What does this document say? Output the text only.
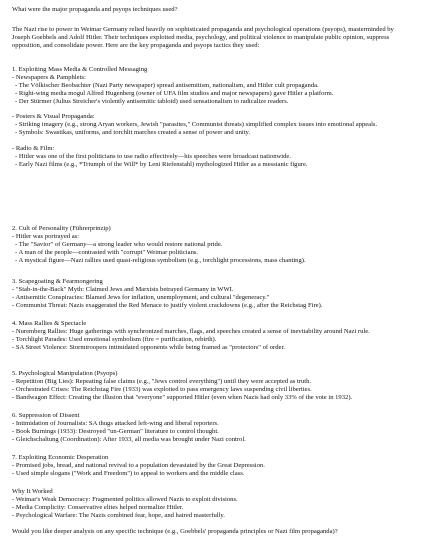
What were the major propaganda and psyops techniques used?

The Nazi rise to power in Weimar Germany relied heavily on sophisticated propaganda and psychological operations (psyops), masterminded by Joseph Goebbels and Adolf Hitler. Their techniques exploited media, psychology, and political violence to manipulate public opinion, suppress opposition, and consolidate power. Here are the key propaganda and psyops tactics they used:

1. Exploiting Mass Media & Controlled Messaging
- Newspapers & Pamphlets:
- The Völkischer Beobachter (Nazi Party newspaper) spread antisemitism, nationalism, and Hitler cult propaganda.
- Right-wing media mogul Alfred Hugenberg (owner of UFA film studios and major newspapers) gave Hitler a platform.
- Der Stürmer (Julius Streicher's violently antisemitic tabloid) used sensationalism to radicalize readers.

- Posters & Visual Propaganda:
- Striking imagery (e.g., strong Aryan workers, Jewish "parasites," Communist threats) simplified complex issues into emotional appeals.
- Symbols: Swastikas, uniforms, and torchlit marches created a sense of power and unity.

- Radio & Film:
- Hitler was one of the first politicians to use radio effectively—his speeches were broadcast nationwide.
- Early Nazi films (e.g., *Triumph of the Will* by Leni Riefenstahl) mythologized Hitler as a messianic figure.
2. Cult of Personality (Führerprinzip)
- Hitler was portrayed as:
- The "Savior" of Germany—a strong leader who would restore national pride.
- A man of the people—contrasted with "corrupt" Weimar politicians.
- A mystical figure—Nazi rallies used quasi-religious symbolism (e.g., torchlight processions, mass chanting).
3. Scapegoating & Fearmongering
- "Stab-in-the-Back" Myth: Claimed Jews and Marxists betrayed Germany in WWI.
- Antisemitic Conspiracies: Blamed Jews for inflation, unemployment, and cultural "degeneracy."
- Communist Threat: Nazis exaggerated the Red Menace to justify violent crackdowns (e.g., after the Reichstag Fire).
4. Mass Rallies & Spectacle
- Nuremberg Rallies: Huge gatherings with synchronized marches, flags, and speeches created a sense of inevitability around Nazi rule.
- Torchlight Parades: Used emotional symbolism (fire = purification, rebirth).
- SA Street Violence: Stormtroopers intimidated opponents while being framed as "protectors" of order.
5. Psychological Manipulation (Psyops)
- Repetition (Big Lies): Repeating false claims (e.g., "Jews control everything") until they were accepted as truth.
- Orchestrated Crises: The Reichstag Fire (1933) was exploited to pass emergency laws suspending civil liberties.
- Bandwagon Effect: Creating the illusion that "everyone" supported Hitler (even when Nazis had only 33% of the vote in 1932).
6. Suppression of Dissent
- Intimidation of Journalists: SA thugs attacked left-wing and liberal reporters.
- Book Burnings (1933): Destroyed "un-German" literature to control thought.
- Gleichschaltung (Coordination): After 1933, all media was brought under Nazi control.
7. Exploiting Economic Desperation
- Promised jobs, bread, and national revival to a population devastated by the Great Depression.
- Used simple slogans ("Work and Freedom") to appeal to workers and the middle class.
Why It Worked
- Weimar's Weak Democracy: Fragmented politics allowed Nazis to exploit divisions.
- Media Complicity: Conservative elites helped normalize Hitler.
- Psychological Warfare: The Nazis combined fear, hope, and hatred masterfully.

Would you like deeper analysis on any specific technique (e.g., Goebbels' propaganda principles or Nazi film propaganda)?
